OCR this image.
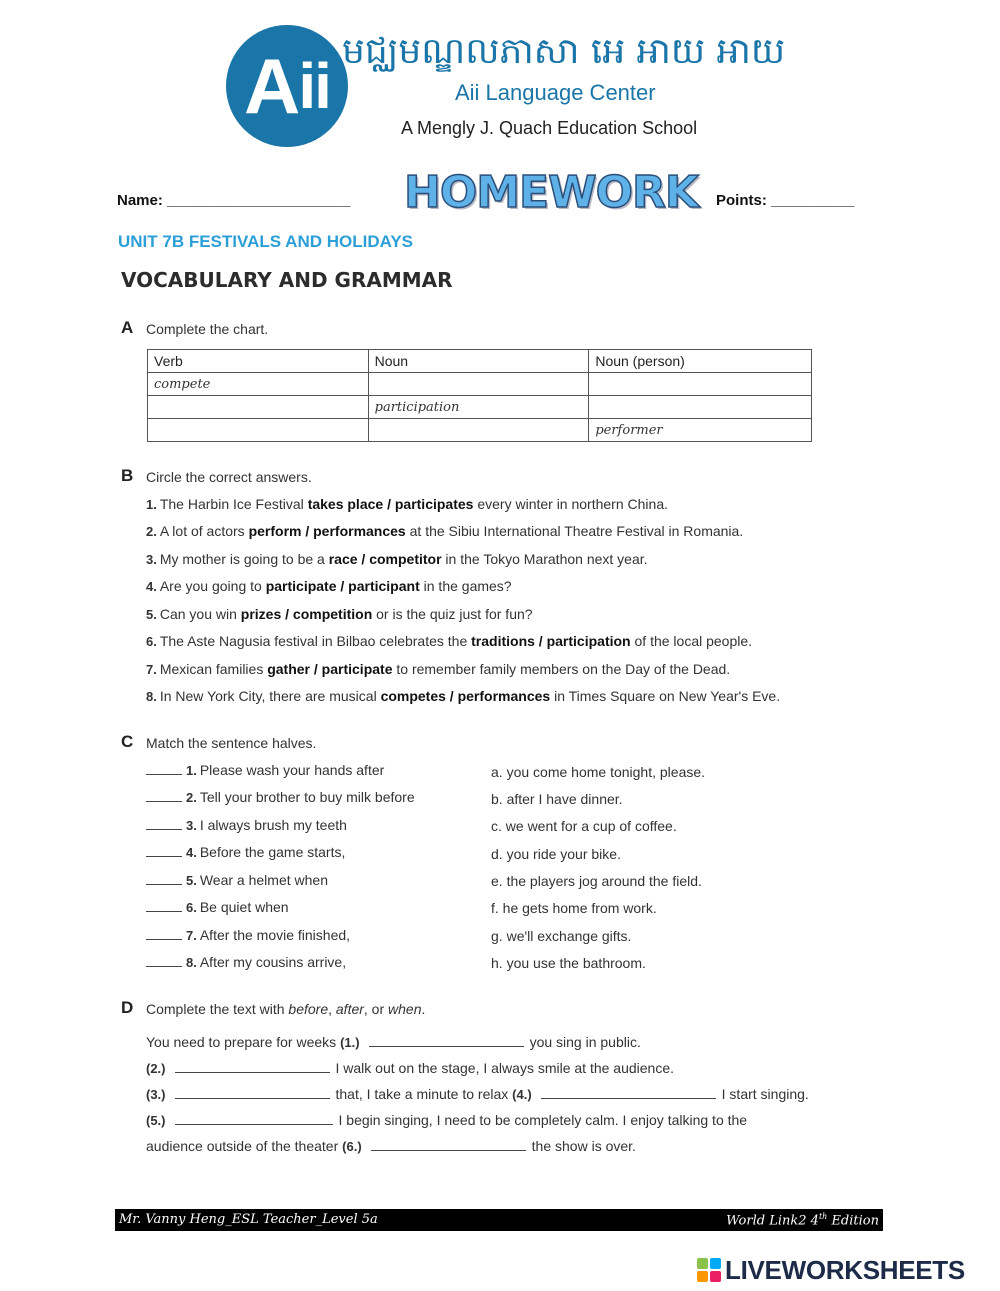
A ii មជ្ឈមណ្ឌលភាសា អេ អាយ អាយ
Aii Language Center
A Mengly J. Quach Education School
Name: ______________________ HOMEWORK Points: __________
UNIT 7B FESTIVALS AND HOLIDAYS
VOCABULARY AND GRAMMAR
A Complete the chart.
Verb	Noun	Noun (person)
compete		
	participation	
		performer
B Circle the correct answers.
1. The Harbin Ice Festival takes place / participates every winter in northern China.
2. A lot of actors perform / performances at the Sibiu International Theatre Festival in Romania.
3. My mother is going to be a race / competitor in the Tokyo Marathon next year.
4. Are you going to participate / participant in the games?
5. Can you win prizes / competition or is the quiz just for fun?
6. The Aste Nagusia festival in Bilbao celebrates the traditions / participation of the local people.
7. Mexican families gather / participate to remember family members on the Day of the Dead.
8. In New York City, there are musical competes / performances in Times Square on New Year's Eve.
C Match the sentence halves.
1. Please wash your hands after
2. Tell your brother to buy milk before
3. I always brush my teeth
4. Before the game starts,
5. Wear a helmet when
6. Be quiet when
7. After the movie finished,
8. After my cousins arrive,
a. you come home tonight, please.
b. after I have dinner.
c. we went for a cup of coffee.
d. you ride your bike.
e. the players jog around the field.
f. he gets home from work.
g. we'll exchange gifts.
h. you use the bathroom.
D Complete the text with before, after, or when.
You need to prepare for weeks (1.)	you sing in public.
(2.)	I walk out on the stage, I always smile at the audience.
(3.)	that, I take a minute to relax (4.)	I start singing.
(5.)	I begin singing, I need to be completely calm. I enjoy talking to the
audience outside of the theater (6.)	the show is over.
Mr. Vanny Heng_ESL Teacher_Level 5a	World Link2 4th Edition
LIVEWORKSHEETS
